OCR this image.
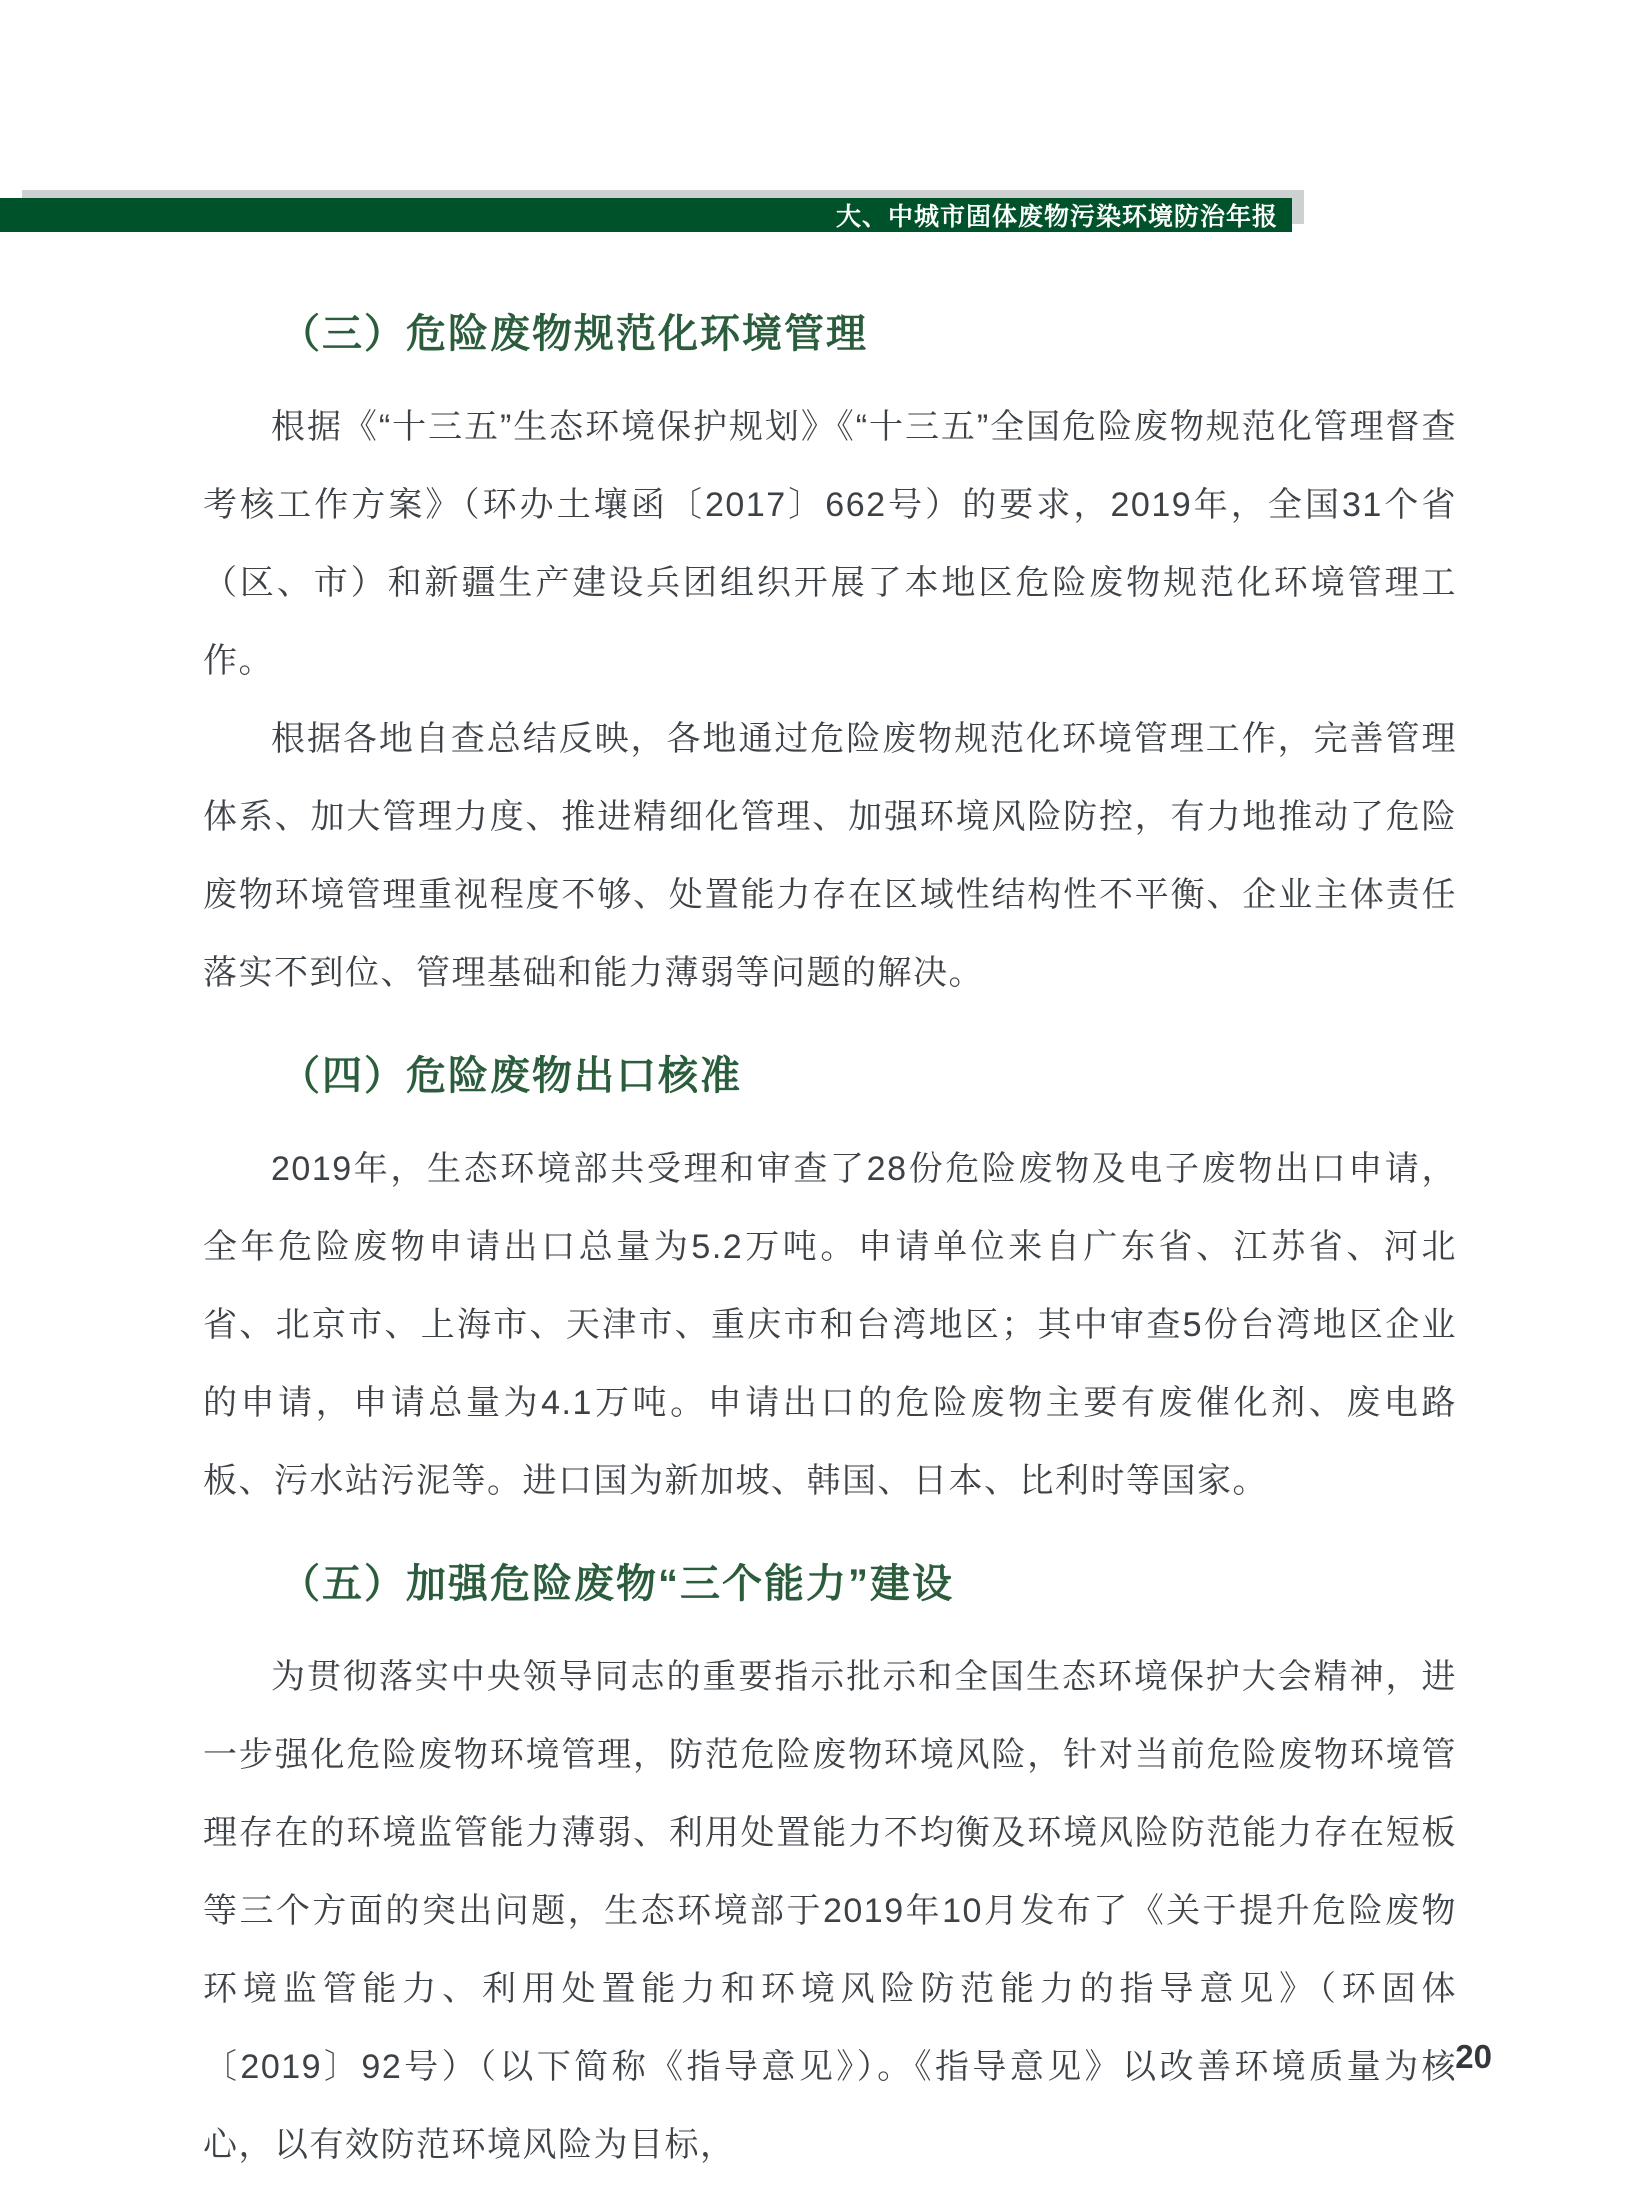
大、中城市固体废物污染环境防治年报
（三）危险废物规范化环境管理

根据《“十三五”生态环境保护规划》《“十三五”全国危险废物规范化管理督查考核工作方案》（环办土壤函〔2017〕662号）的要求，2019年，全国31个省（区、市）和新疆生产建设兵团组织开展了本地区危险废物规范化环境管理工作。

根据各地自查总结反映，各地通过危险废物规范化环境管理工作，完善管理体系、加大管理力度、推进精细化管理、加强环境风险防控，有力地推动了危险废物环境管理重视程度不够、处置能力存在区域性结构性不平衡、企业主体责任落实不到位、管理基础和能力薄弱等问题的解决。

（四）危险废物出口核准

2019年，生态环境部共受理和审查了28份危险废物及电子废物出口申请，全年危险废物申请出口总量为5.2万吨。申请单位来自广东省、江苏省、河北省、北京市、上海市、天津市、重庆市和台湾地区；其中审查5份台湾地区企业的申请，申请总量为4.1万吨。申请出口的危险废物主要有废催化剂、废电路板、污水站污泥等。进口国为新加坡、韩国、日本、比利时等国家。

（五）加强危险废物“三个能力”建设

为贯彻落实中央领导同志的重要指示批示和全国生态环境保护大会精神，进一步强化危险废物环境管理，防范危险废物环境风险，针对当前危险废物环境管理存在的环境监管能力薄弱、利用处置能力不均衡及环境风险防范能力存在短板等三个方面的突出问题，生态环境部于2019年10月发布了《关于提升危险废物环境监管能力、利用处置能力和环境风险防范能力的指导意见》（环固体〔2019〕92号）（以下简称《指导意见》）。《指导意见》以改善环境质量为核心，以有效防范环境风险为目标，

20
